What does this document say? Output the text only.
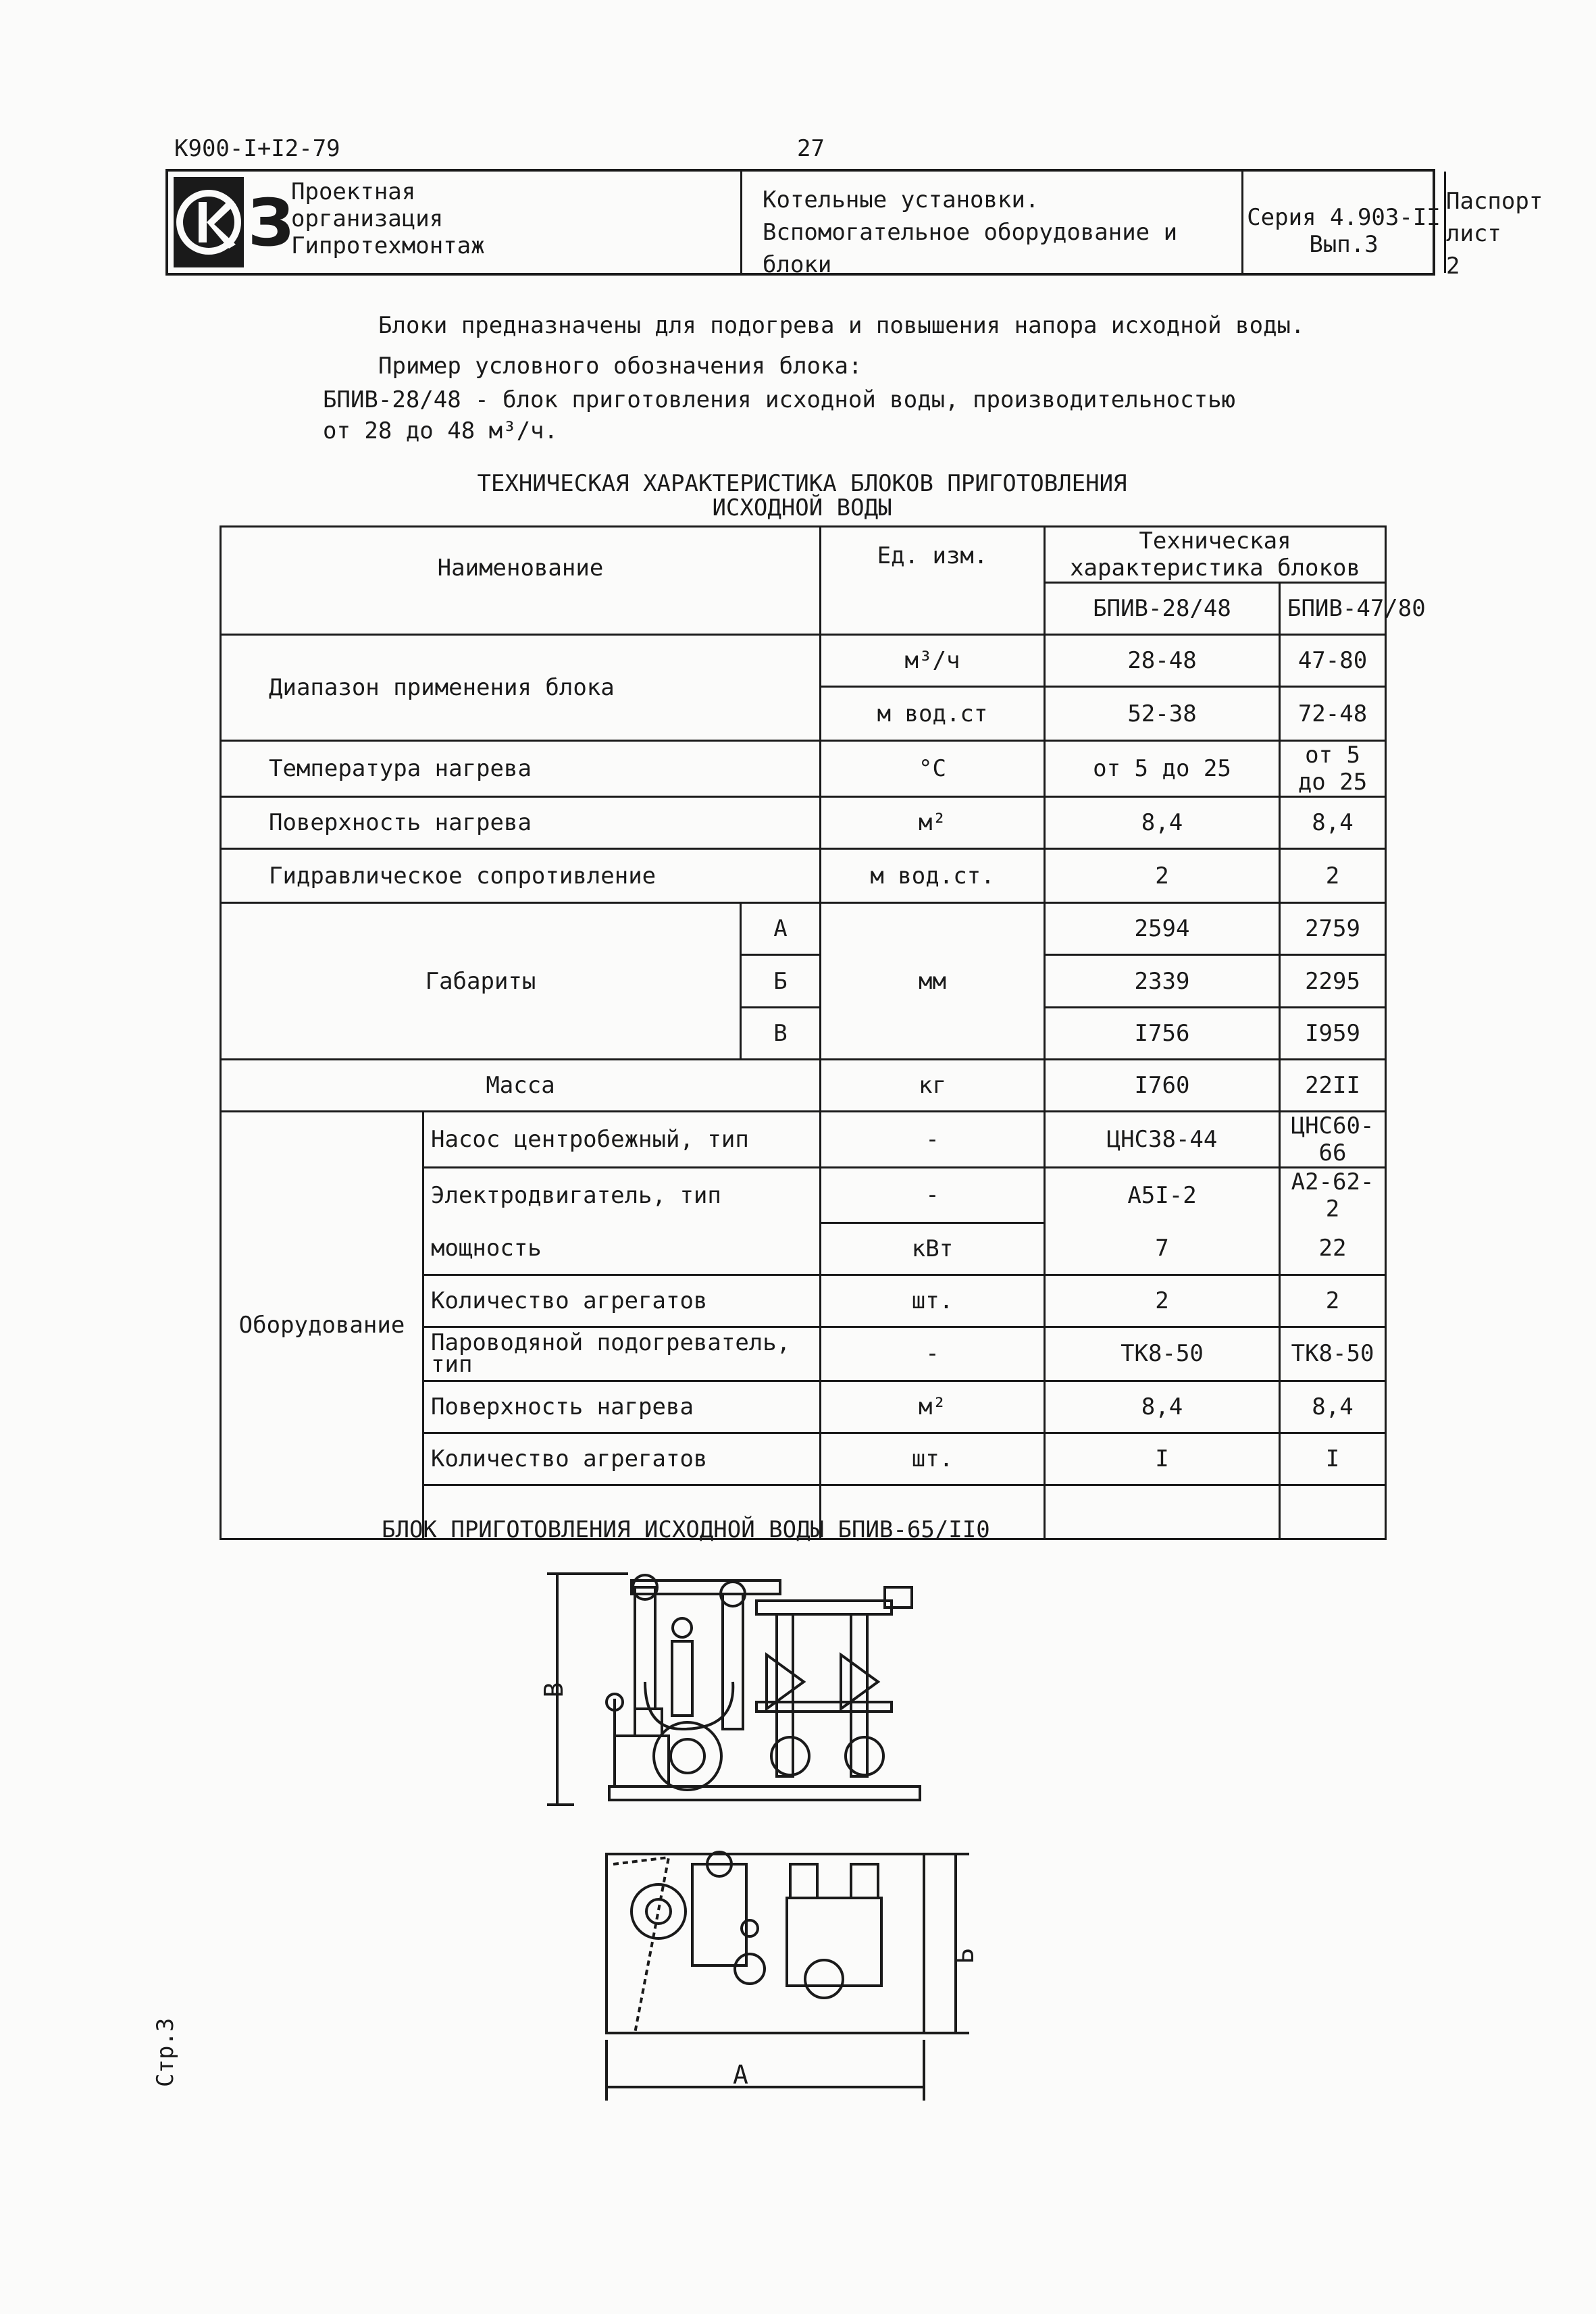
К900-I+I2-79	27
З
Проектная
организация
Гипротехмонтаж
Котельные установки.
Вспомогательное оборудование и блоки
Серия 4.903-II
Вып.3
Паспорт
лист 2
Блоки предназначены для подогрева и повышения напора исходной воды.
Пример условного обозначения блока:
БПИВ-28/48 - блок приготовления исходной воды, производительностью
от 28 до 48 м³/ч.
ТЕХНИЧЕСКАЯ ХАРАКТЕРИСТИКА БЛОКОВ ПРИГОТОВЛЕНИЯ
ИСХОДНОЙ ВОДЫ
Наименование			Ед. изм.	Техническая характеристика блоков	
				БПИВ-28/48	БПИВ-47/80
Диапазон применения блока			м³/ч	28-48	47-80
			м вод.ст	52-38	72-48
Температура нагрева			°С	от 5 до 25	от 5 до 25
Поверхность нагрева			м²	8,4	8,4
Гидравлическое сопротивление			м вод.ст.	2	2
Габариты		А	мм	2594	2759
		Б		2339	2295
		В		I756	I959
Масса			кг	I760	22II
Оборудование	Насос центробежный, тип		-	ЦНС38-44	ЦНС60-66
	Электродвигатель, тип		-	А5I-2	А2-62-2
	мощность		кВт	7	22
	Количество агрегатов		шт.	2	2
	Пароводяной подогреватель, тип		-	ТК8-50	ТК8-50
	Поверхность нагрева		м²	8,4	8,4
	Количество агрегатов		шт.	I	I

БЛОК ПРИГОТОВЛЕНИЯ ИСХОДНОЙ ВОДЫ БПИВ-65/II0
В
Б
А
Стр.3
